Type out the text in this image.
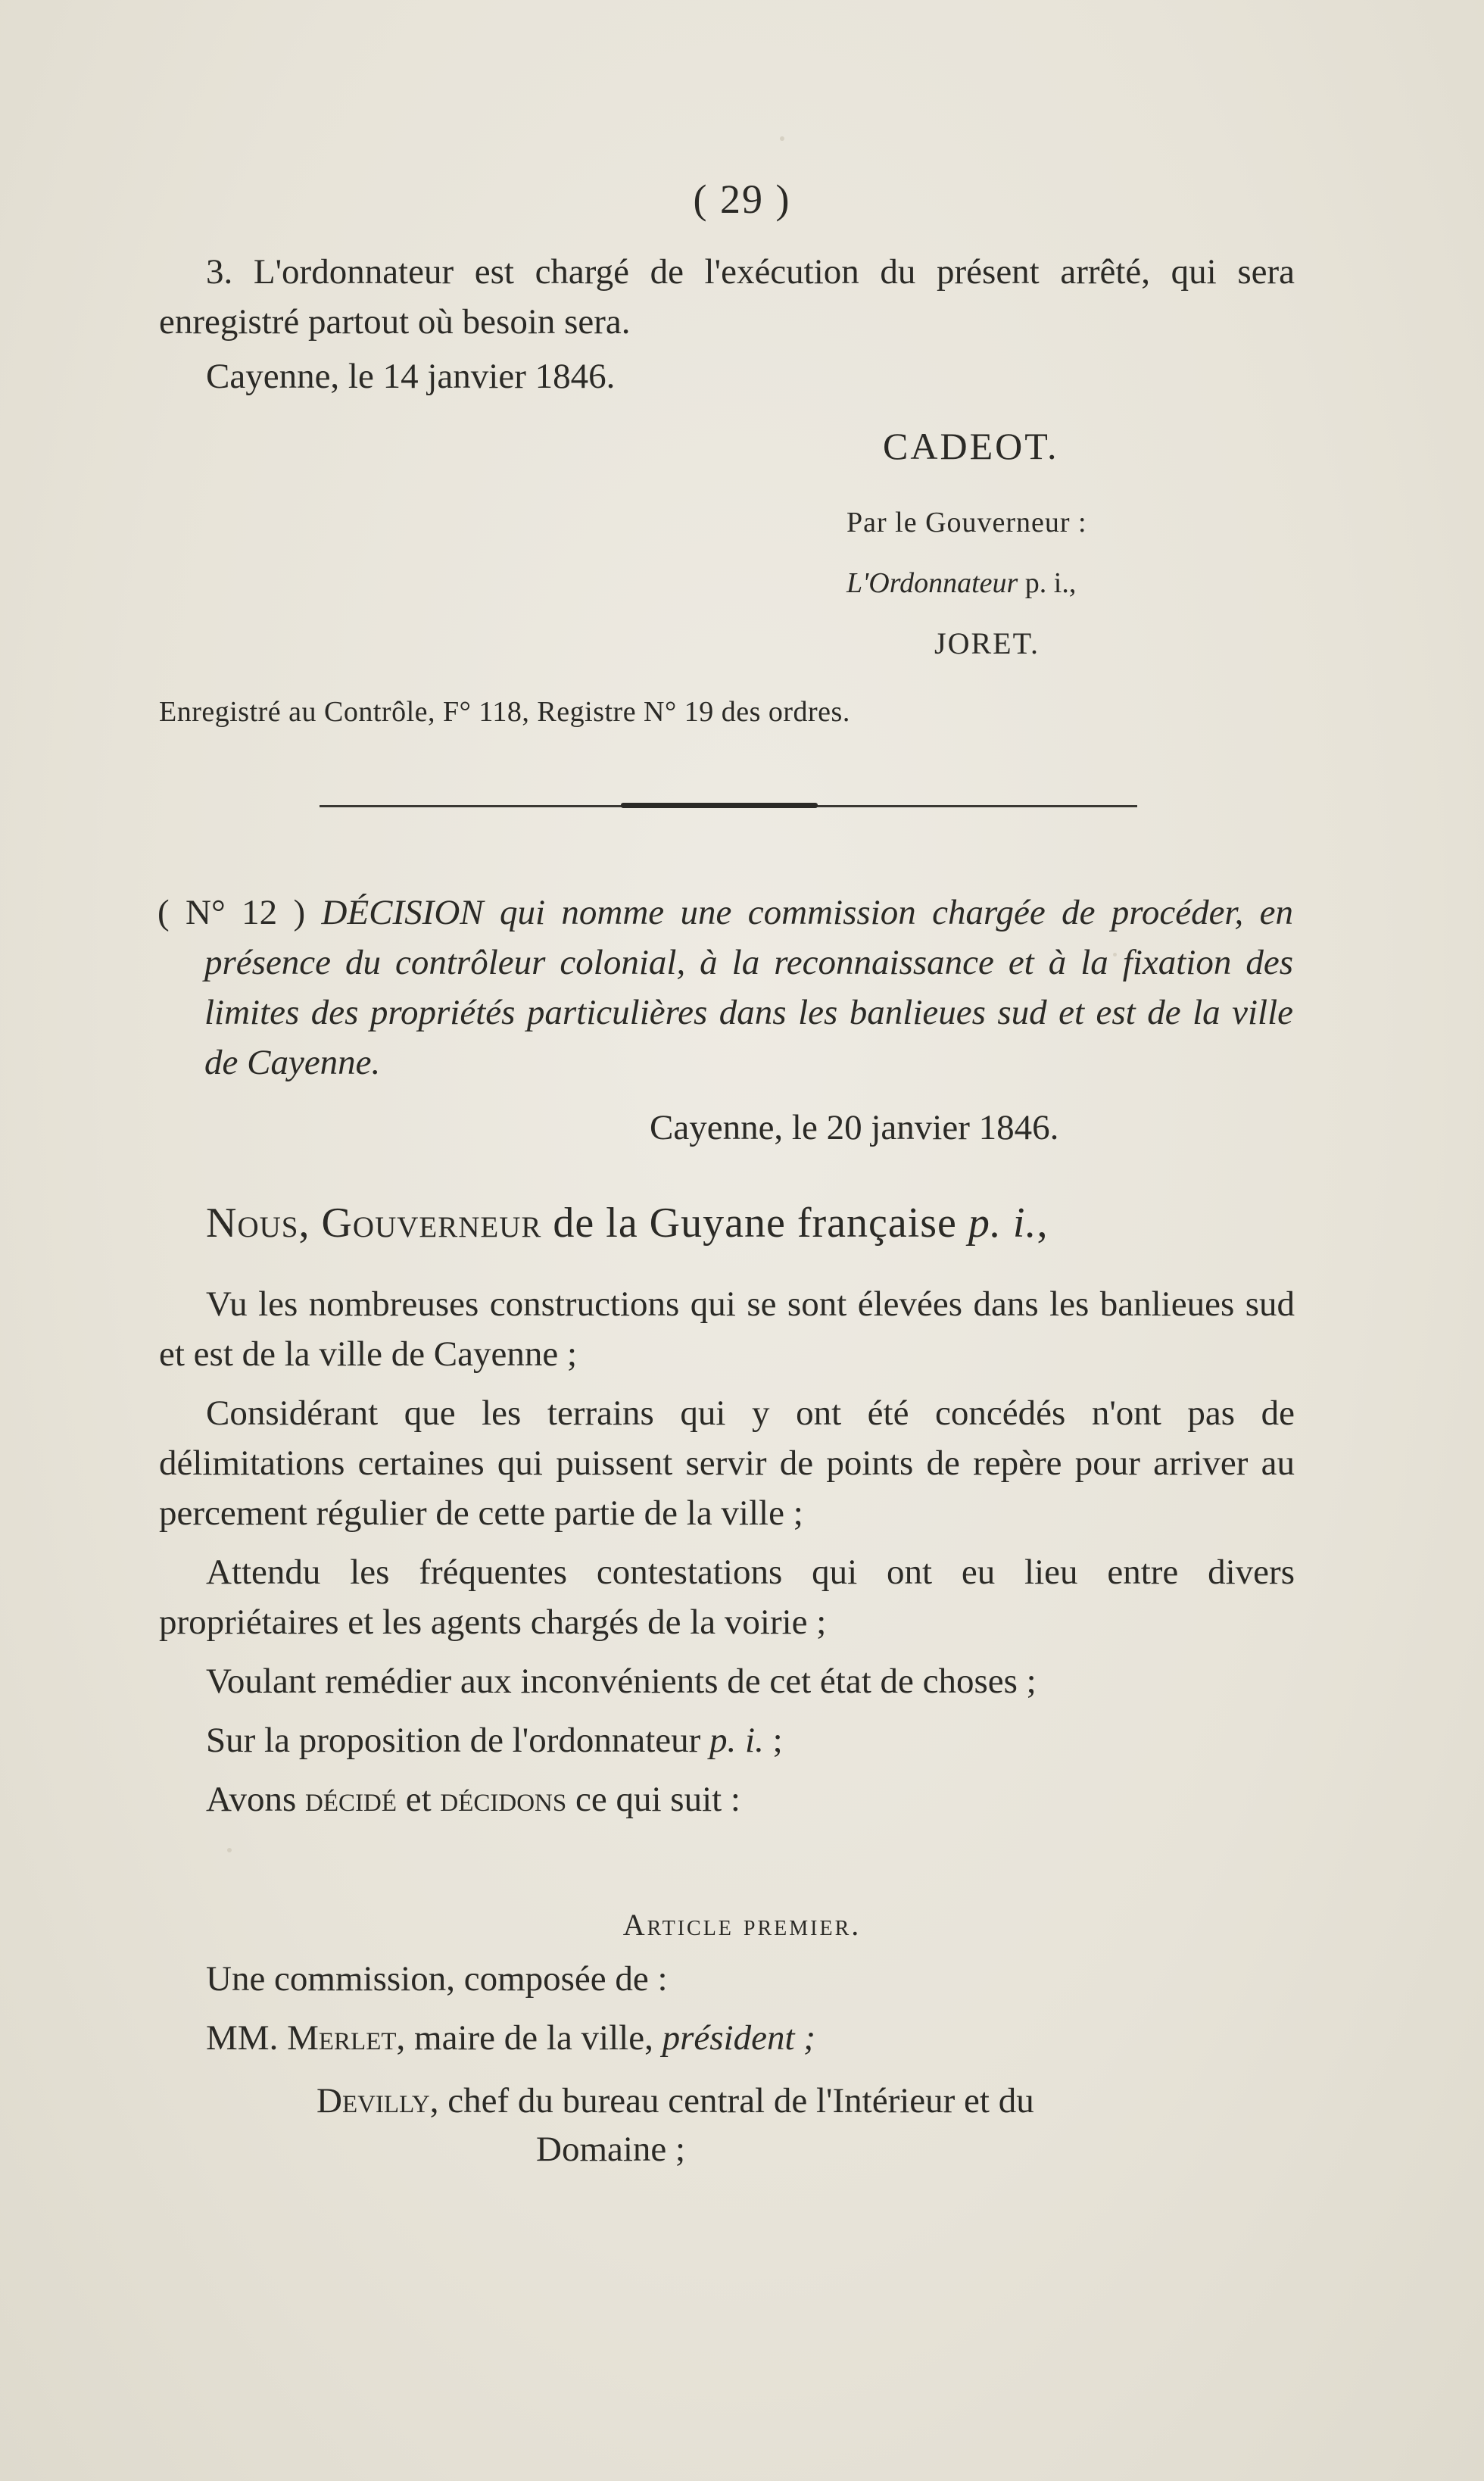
( 29 )

3. L'ordonnateur est chargé de l'exécution du présent arrêté, qui sera enregistré partout où besoin sera.

Cayenne, le 14 janvier 1846.

CADEOT.

Par le Gouverneur :

L'Ordonnateur p. i.,

JORET.

Enregistré au Contrôle, F° 118, Registre N° 19 des ordres.

( N° 12 ) DÉCISION qui nomme une commission chargée de procéder, en présence du contrôleur colonial, à la reconnaissance et à la fixation des limites des propriétés particulières dans les banlieues sud et est de la ville de Cayenne.

Cayenne, le 20 janvier 1846.

Nous, Gouverneur de la Guyane française p. i.,

Vu les nombreuses constructions qui se sont élevées dans les banlieues sud et est de la ville de Cayenne ;

Considérant que les terrains qui y ont été concédés n'ont pas de délimitations certaines qui puissent servir de points de repère pour arriver au percement régulier de cette partie de la ville ;

Attendu les fréquentes contestations qui ont eu lieu entre divers propriétaires et les agents chargés de la voirie ;

Voulant remédier aux inconvénients de cet état de choses ;

Sur la proposition de l'ordonnateur p. i. ;

Avons décidé et décidons ce qui suit :

Article premier.

Une commission, composée de :

MM. Merlet, maire de la ville, président ;

Devilly, chef du bureau central de l'Intérieur et du
Domaine ;
